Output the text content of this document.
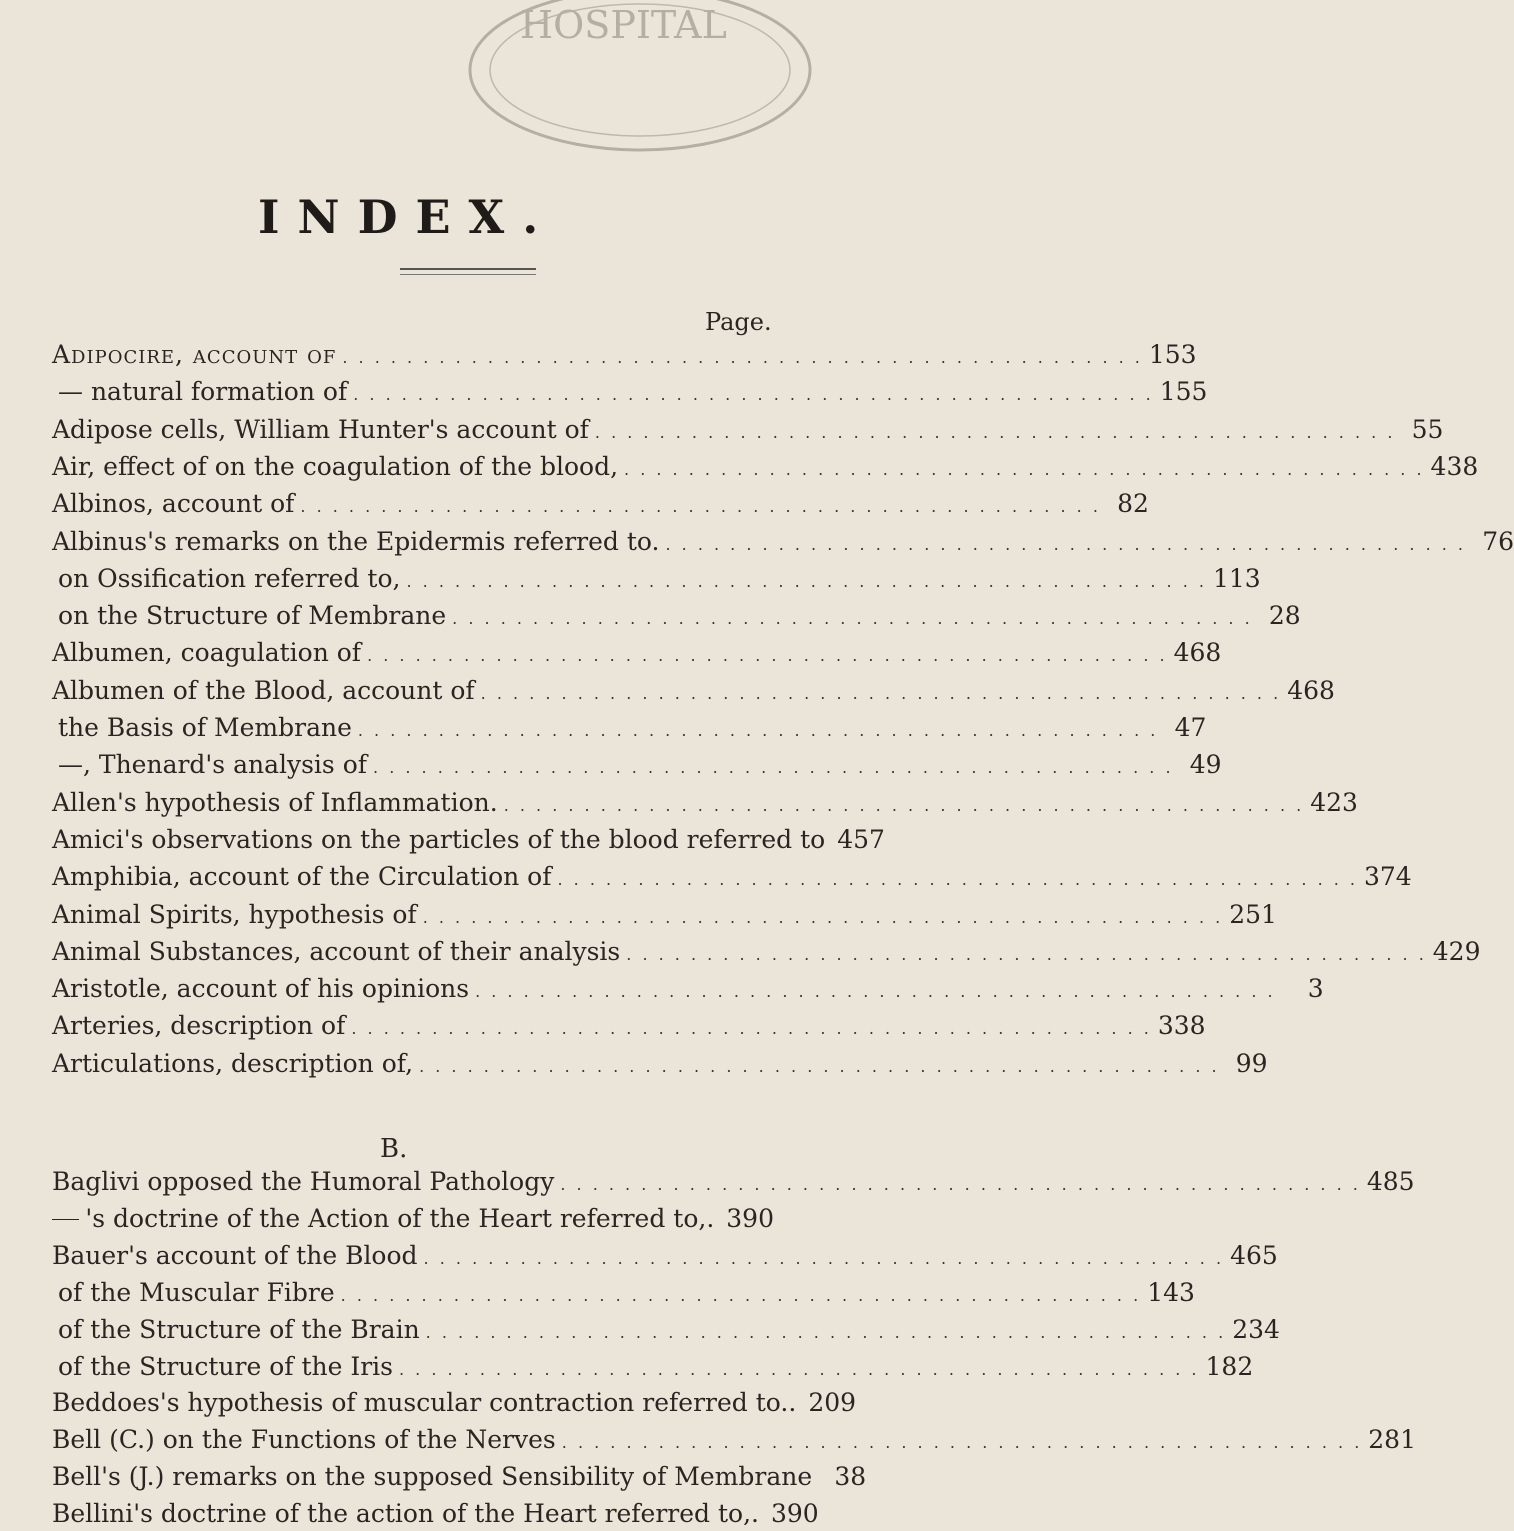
HOSPITAL
INDEX.
Page.
Adipocire, account of . . . . . . . . . . . . . . . . . . . . . . . . . . . . . . . . . . . . . . . . . . . . . . . . . . 153
— natural formation of . . . . . . . . . . . . . . . . . . . . . . . . . . . . . . . . . . . . . . . . . . . . . . . . . . 155
Adipose cells, William Hunter's account of . . . . . . . . . . . . . . . . . . . . . . . . . . . . . . . . . . . . . . . . . . . . . . . . . . 55
Air, effect of on the coagulation of the blood, . . . . . . . . . . . . . . . . . . . . . . . . . . . . . . . . . . . . . . . . . . . . . . . . . . 438
Albinos, account of . . . . . . . . . . . . . . . . . . . . . . . . . . . . . . . . . . . . . . . . . . . . . . . . . . 82
Albinus's remarks on the Epidermis referred to. . . . . . . . . . . . . . . . . . . . . . . . . . . . . . . . . . . . . . . . . . . . . . . . . . . 76
on Ossification referred to, . . . . . . . . . . . . . . . . . . . . . . . . . . . . . . . . . . . . . . . . . . . . . . . . . . 113
on the Structure of Membrane . . . . . . . . . . . . . . . . . . . . . . . . . . . . . . . . . . . . . . . . . . . . . . . . . . 28
Albumen, coagulation of . . . . . . . . . . . . . . . . . . . . . . . . . . . . . . . . . . . . . . . . . . . . . . . . . . 468
Albumen of the Blood, account of . . . . . . . . . . . . . . . . . . . . . . . . . . . . . . . . . . . . . . . . . . . . . . . . . . 468
the Basis of Membrane . . . . . . . . . . . . . . . . . . . . . . . . . . . . . . . . . . . . . . . . . . . . . . . . . . 47
—, Thenard's analysis of . . . . . . . . . . . . . . . . . . . . . . . . . . . . . . . . . . . . . . . . . . . . . . . . . . 49
Allen's hypothesis of Inflammation. . . . . . . . . . . . . . . . . . . . . . . . . . . . . . . . . . . . . . . . . . . . . . . . . . . 423
Amici's observations on the particles of the blood referred to 457
Amphibia, account of the Circulation of . . . . . . . . . . . . . . . . . . . . . . . . . . . . . . . . . . . . . . . . . . . . . . . . . . 374
Animal Spirits, hypothesis of . . . . . . . . . . . . . . . . . . . . . . . . . . . . . . . . . . . . . . . . . . . . . . . . . . 251
Animal Substances, account of their analysis . . . . . . . . . . . . . . . . . . . . . . . . . . . . . . . . . . . . . . . . . . . . . . . . . . 429
Aristotle, account of his opinions . . . . . . . . . . . . . . . . . . . . . . . . . . . . . . . . . . . . . . . . . . . . . . . . . .	3
Arteries, description of . . . . . . . . . . . . . . . . . . . . . . . . . . . . . . . . . . . . . . . . . . . . . . . . . . 338
Articulations, description of, . . . . . . . . . . . . . . . . . . . . . . . . . . . . . . . . . . . . . . . . . . . . . . . . . . 99
B.
Baglivi opposed the Humoral Pathology . . . . . . . . . . . . . . . . . . . . . . . . . . . . . . . . . . . . . . . . . . . . . . . . . . 485
's doctrine of the Action of the Heart referred to,. 390
Bauer's account of the Blood . . . . . . . . . . . . . . . . . . . . . . . . . . . . . . . . . . . . . . . . . . . . . . . . . . 465
of the Muscular Fibre . . . . . . . . . . . . . . . . . . . . . . . . . . . . . . . . . . . . . . . . . . . . . . . . . . 143
of the Structure of the Brain . . . . . . . . . . . . . . . . . . . . . . . . . . . . . . . . . . . . . . . . . . . . . . . . . . 234
of the Structure of the Iris . . . . . . . . . . . . . . . . . . . . . . . . . . . . . . . . . . . . . . . . . . . . . . . . . . 182
Beddoes's hypothesis of muscular contraction referred to.. 209
Bell (C.) on the Functions of the Nerves . . . . . . . . . . . . . . . . . . . . . . . . . . . . . . . . . . . . . . . . . . . . . . . . . . 281
Bell's (J.) remarks on the supposed Sensibility of Membrane 38
Bellini's doctrine of the action of the Heart referred to,. 390
